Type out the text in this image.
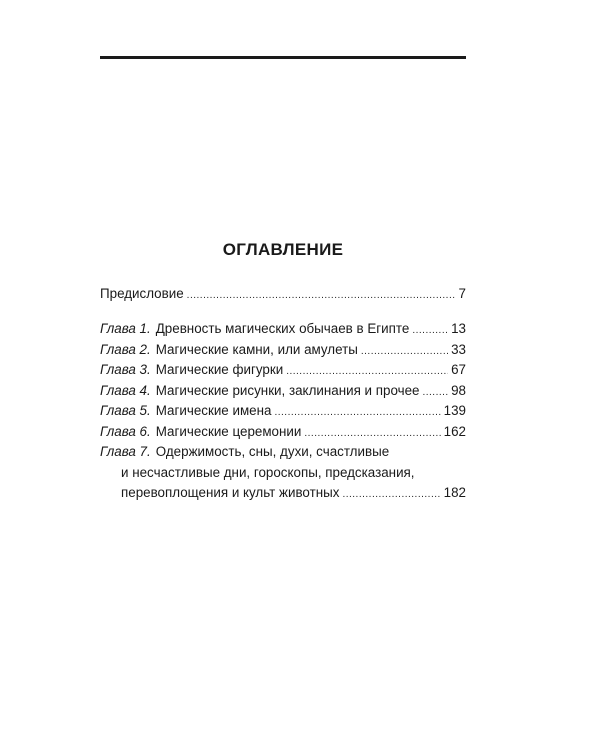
ОГЛАВЛЕНИЕ
Предисловие .....	7
Глава 1. Древность магических обычаев в Египте .....	13
Глава 2. Магические камни, или амулеты .....	33
Глава 3. Магические фигурки .....	67
Глава 4. Магические рисунки, заклинания и прочее ..... 98
Глава 5. Магические имена .....	139
Глава 6. Магические церемонии .....	162
Глава 7. Одержимость, сны, духи, счастливые
и несчастливые дни, гороскопы, предсказания,
перевоплощения и культ животных .....	182
